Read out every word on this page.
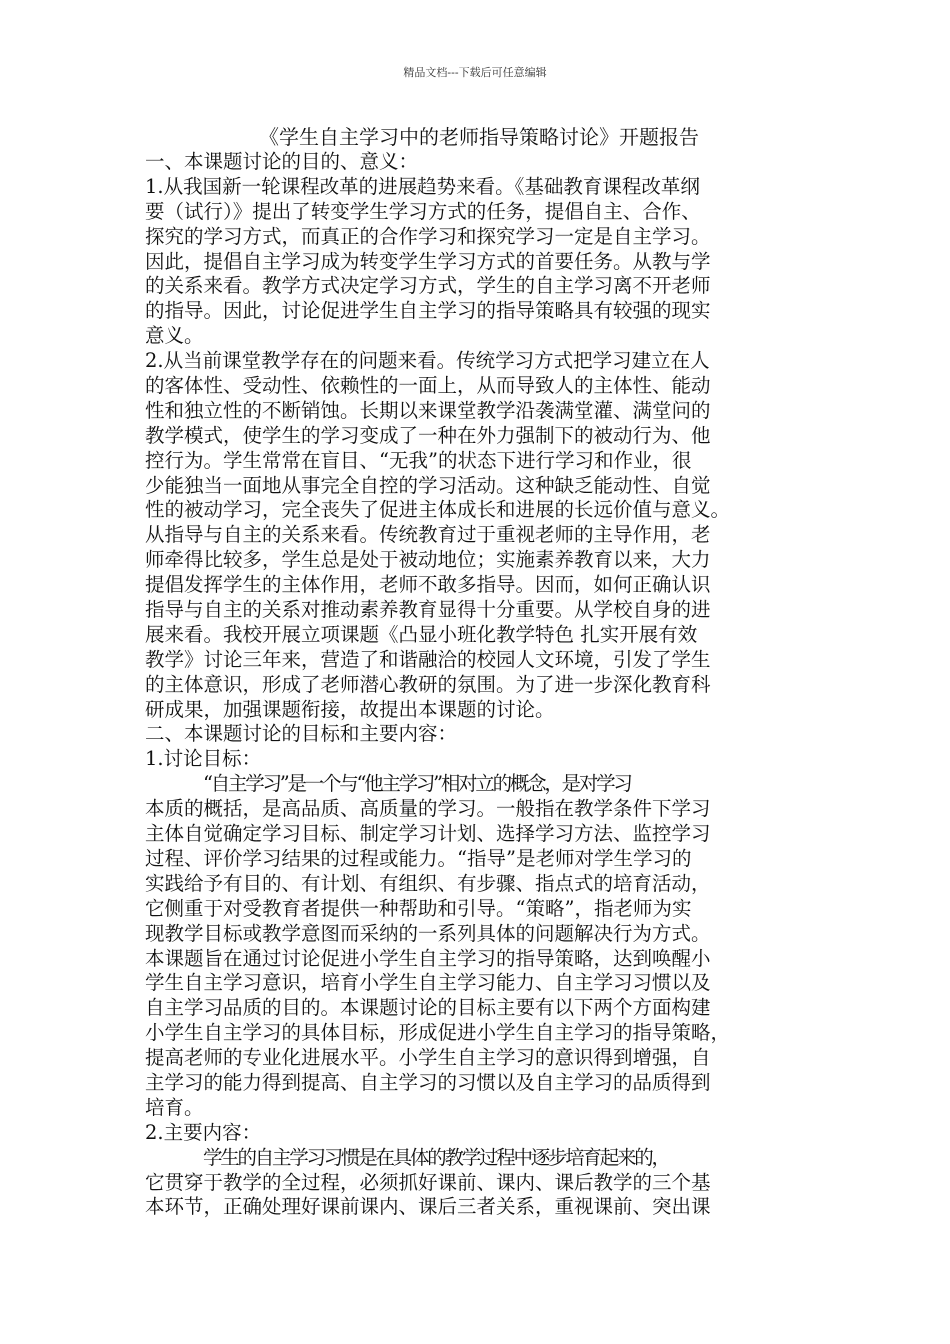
精品文档---下载后可任意编辑
《学生自主学习中的老师指导策略讨论》开题报告
一、本课题讨论的目的、意义：
1.从我国新一轮课程改革的进展趋势来看。《基础教育课程改革纲
要（试行）》提出了转变学生学习方式的任务，提倡自主、合作、
探究的学习方式，而真正的合作学习和探究学习一定是自主学习。
因此，提倡自主学习成为转变学生学习方式的首要任务。从教与学
的关系来看。教学方式决定学习方式，学生的自主学习离不开老师
的指导。因此，讨论促进学生自主学习的指导策略具有较强的现实
意义。
2.从当前课堂教学存在的问题来看。传统学习方式把学习建立在人
的客体性、受动性、依赖性的一面上，从而导致人的主体性、能动
性和独立性的不断销蚀。长期以来课堂教学沿袭满堂灌、满堂问的
教学模式，使学生的学习变成了一种在外力强制下的被动行为、他
控行为。学生常常在盲目、“无我”的状态下进行学习和作业，很
少能独当一面地从事完全自控的学习活动。这种缺乏能动性、自觉
性的被动学习，完全丧失了促进主体成长和进展的长远价值与意义。
从指导与自主的关系来看。传统教育过于重视老师的主导作用，老
师牵得比较多，学生总是处于被动地位；实施素养教育以来，大力
提倡发挥学生的主体作用，老师不敢多指导。因而，如何正确认识
指导与自主的关系对推动素养教育显得十分重要。从学校自身的进
展来看。我校开展立项课题《凸显小班化教学特色 扎实开展有效
教学》讨论三年来，营造了和谐融洽的校园人文环境，引发了学生
的主体意识，形成了老师潜心教研的氛围。为了进一步深化教育科
研成果，加强课题衔接，故提出本课题的讨论。
二、本课题讨论的目标和主要内容：
1.讨论目标：
“自主学习”是一个与“他主学习”相对立的概念，是对学习
本质的概括，是高品质、高质量的学习。一般指在教学条件下学习
主体自觉确定学习目标、制定学习计划、选择学习方法、监控学习
过程、评价学习结果的过程或能力。“指导”是老师对学生学习的
实践给予有目的、有计划、有组织、有步骤、指点式的培育活动，
它侧重于对受教育者提供一种帮助和引导。“策略”，指老师为实
现教学目标或教学意图而采纳的一系列具体的问题解决行为方式。
本课题旨在通过讨论促进小学生自主学习的指导策略，达到唤醒小
学生自主学习意识，培育小学生自主学习能力、自主学习习惯以及
自主学习品质的目的。本课题讨论的目标主要有以下两个方面构建
小学生自主学习的具体目标，形成促进小学生自主学习的指导策略，
提高老师的专业化进展水平。小学生自主学习的意识得到增强，自
主学习的能力得到提高、自主学习的习惯以及自主学习的品质得到
培育。
2.主要内容：
学生的自主学习习惯是在具体的教学过程中逐步培育起来的，
它贯穿于教学的全过程，必须抓好课前、课内、课后教学的三个基
本环节，正确处理好课前课内、课后三者关系，重视课前、突出课
